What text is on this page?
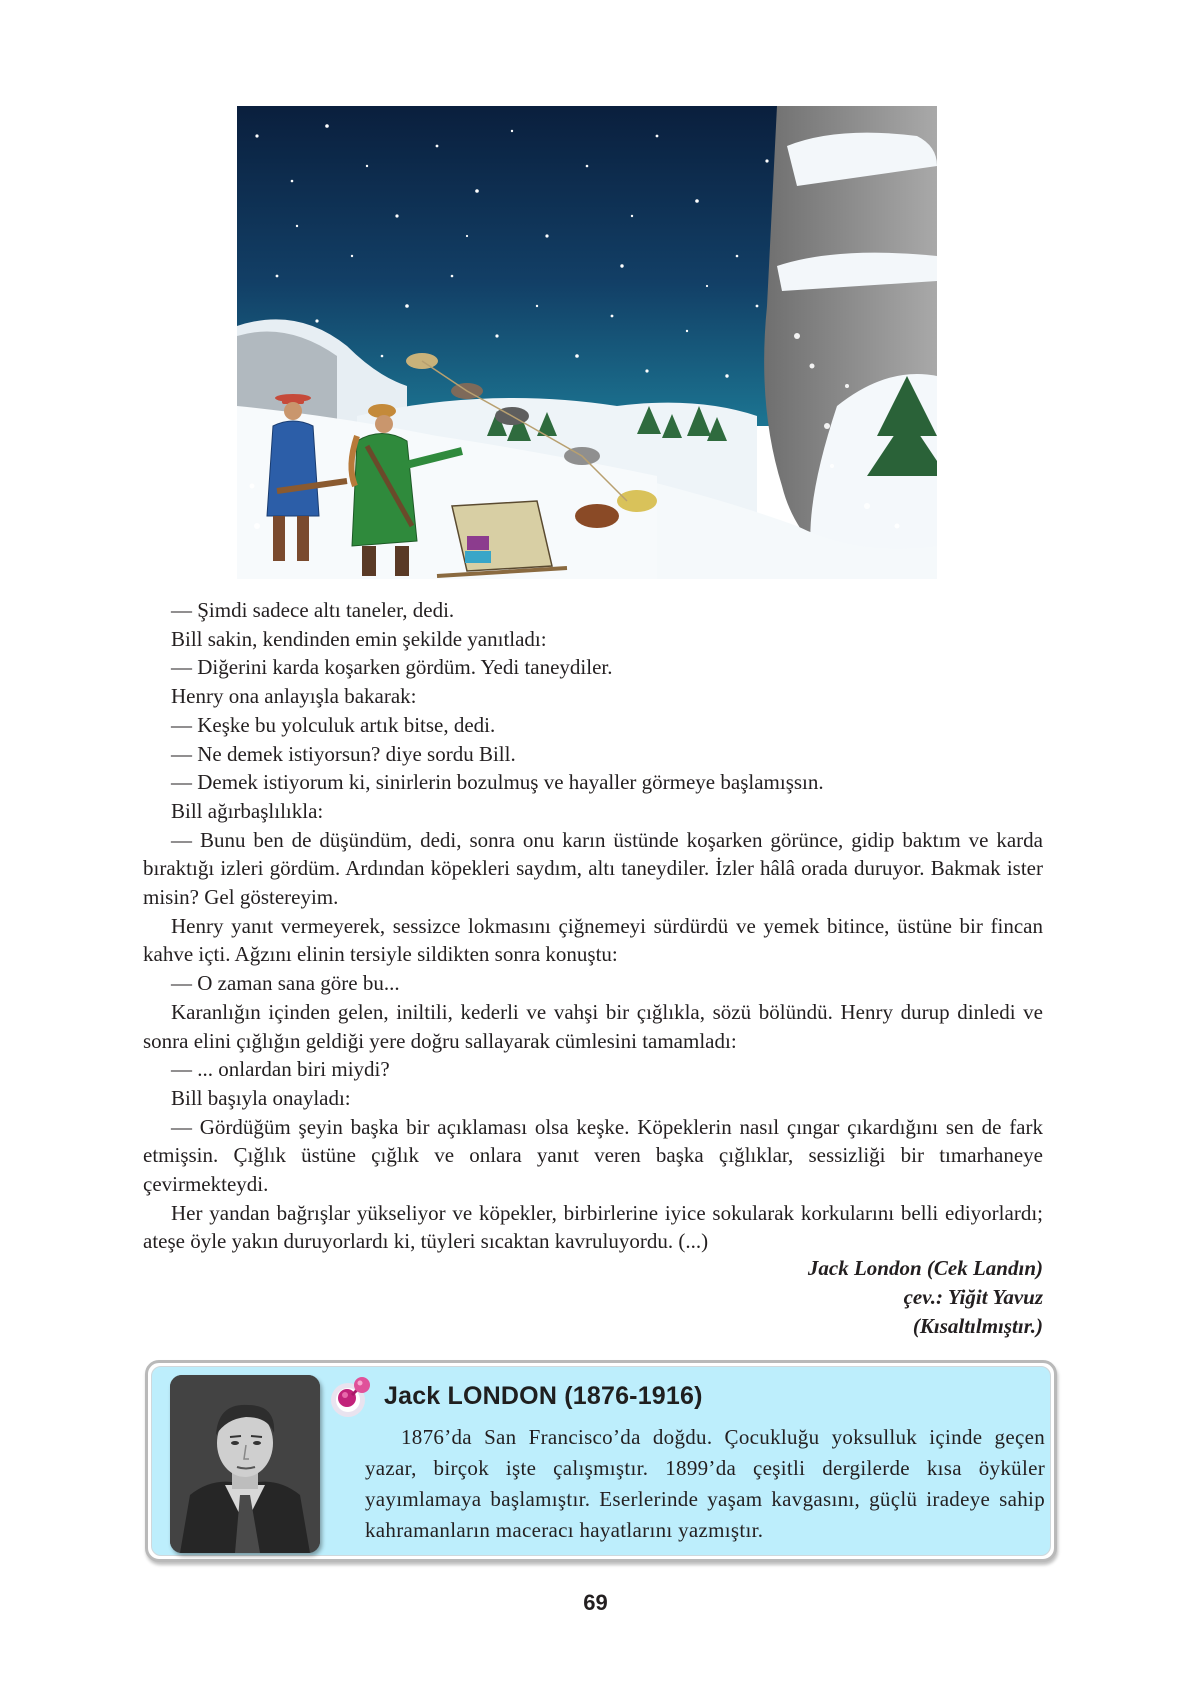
— Şimdi sadece altı taneler, dedi.

Bill sakin, kendinden emin şekilde yanıtladı:

— Diğerini karda koşarken gördüm. Yedi taneydiler.

Henry ona anlayışla bakarak:

— Keşke bu yolculuk artık bitse, dedi.

— Ne demek istiyorsun? diye sordu Bill.

— Demek istiyorum ki, sinirlerin bozulmuş ve hayaller görmeye başlamışsın.

Bill ağırbaşlılıkla:

— Bunu ben de düşündüm, dedi, sonra onu karın üstünde koşarken görünce, gidip baktım ve karda bıraktığı izleri gördüm. Ardından köpekleri saydım, altı taneydiler. İzler hâlâ orada duruyor. Bakmak ister misin? Gel göstereyim.

Henry yanıt vermeyerek, sessizce lokmasını çiğnemeyi sürdürdü ve yemek bitince, üstüne bir fincan kahve içti. Ağzını elinin tersiyle sildikten sonra konuştu:

— O zaman sana göre bu...

Karanlığın içinden gelen, iniltili, kederli ve vahşi bir çığlıkla, sözü bölündü. Henry durup dinledi ve sonra elini çığlığın geldiği yere doğru sallayarak cümlesini tamamladı:

— ... onlardan biri miydi?

Bill başıyla onayladı:

— Gördüğüm şeyin başka bir açıklaması olsa keşke. Köpeklerin nasıl çıngar çıkardığını sen de fark etmişsin. Çığlık üstüne çığlık ve onlara yanıt veren başka çığlıklar, sessizliği bir tımarhaneye çevirmekteydi.

Her yandan bağrışlar yükseliyor ve köpekler, birbirlerine iyice sokularak korkularını belli ediyorlardı; ateşe öyle yakın duruyorlardı ki, tüyleri sıcaktan kavruluyordu. (...)

Jack London (Cek Landın)
çev.: Yiğit Yavuz
(Kısaltılmıştır.)
Jack LONDON (1876-1916)
1876’da San Francisco’da doğdu. Çocukluğu yoksulluk içinde geçen yazar, birçok işte çalışmıştır. 1899’da çeşitli dergilerde kısa öyküler yayımlamaya başlamıştır. Eserlerinde yaşam kavgasını, güçlü iradeye sahip kahramanların maceracı hayatlarını yazmıştır.
69
